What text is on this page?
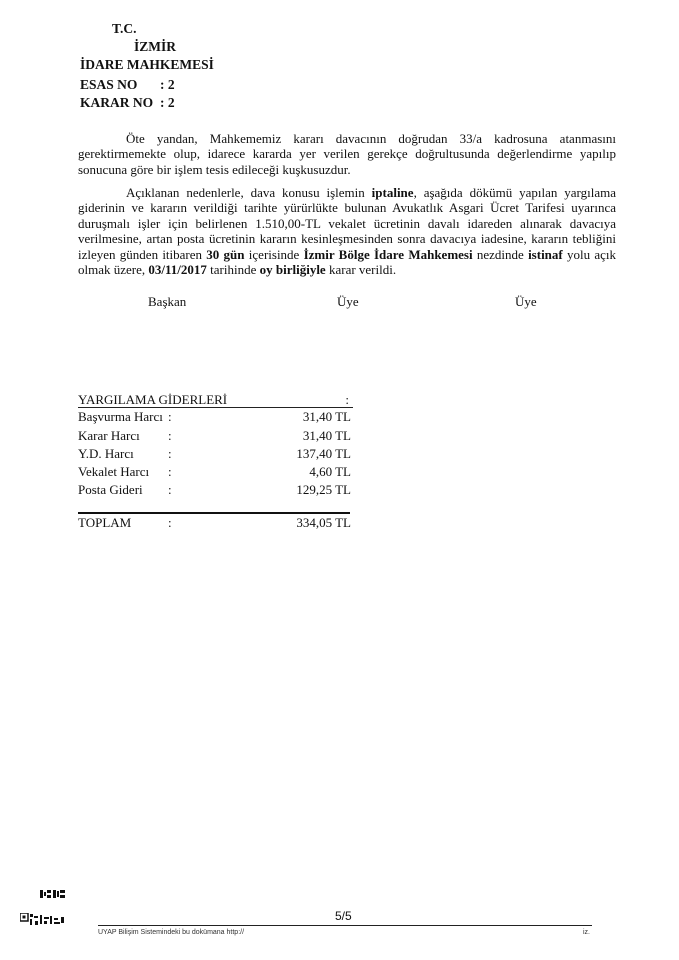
T.C.
İZMİR
İDARE MAHKEMESİ
ESAS NO : 2
KARAR NO : 2

Öte yandan, Mahkememiz kararı davacının doğrudan 33/a kadrosuna atanmasını gerektirmemekte olup, idarece kararda yer verilen gerekçe doğrultusunda değerlendirme yapılıp sonucuna göre bir işlem tesis edileceği kuşkusuzdur.

Açıklanan nedenlerle, dava konusu işlemin iptaline, aşağıda dökümü yapılan yargılama giderinin ve kararın verildiği tarihte yürürlükte bulunan Avukatlık Asgari Ücret Tarifesi uyarınca duruşmalı işler için belirlenen 1.510,00-TL vekalet ücretinin davalı idareden alınarak davacıya verilmesine, artan posta ücretinin kararın kesinleşmesinden sonra davacıya iadesine, kararın tebliğini izleyen günden itibaren 30 gün içerisinde İzmir Bölge İdare Mahkemesi nezdinde istinaf yolu açık olmak üzere, 03/11/2017 tarihinde oy birliğiyle karar verildi.

Başkan	Üye	Üye
YARGILAMA GİDERLERİ	:
Başvurma Harcı :	31,40 TL
Karar Harcı :	31,40 TL
Y.D. Harcı	:	137,40 TL
Vekalet Harcı :	4,60 TL
Posta Gideri :	129,25 TL
TOPLAM	:	334,05 TL
5/5
UYAP Bilişim Sistemindeki bu dokümana http://	iz.
